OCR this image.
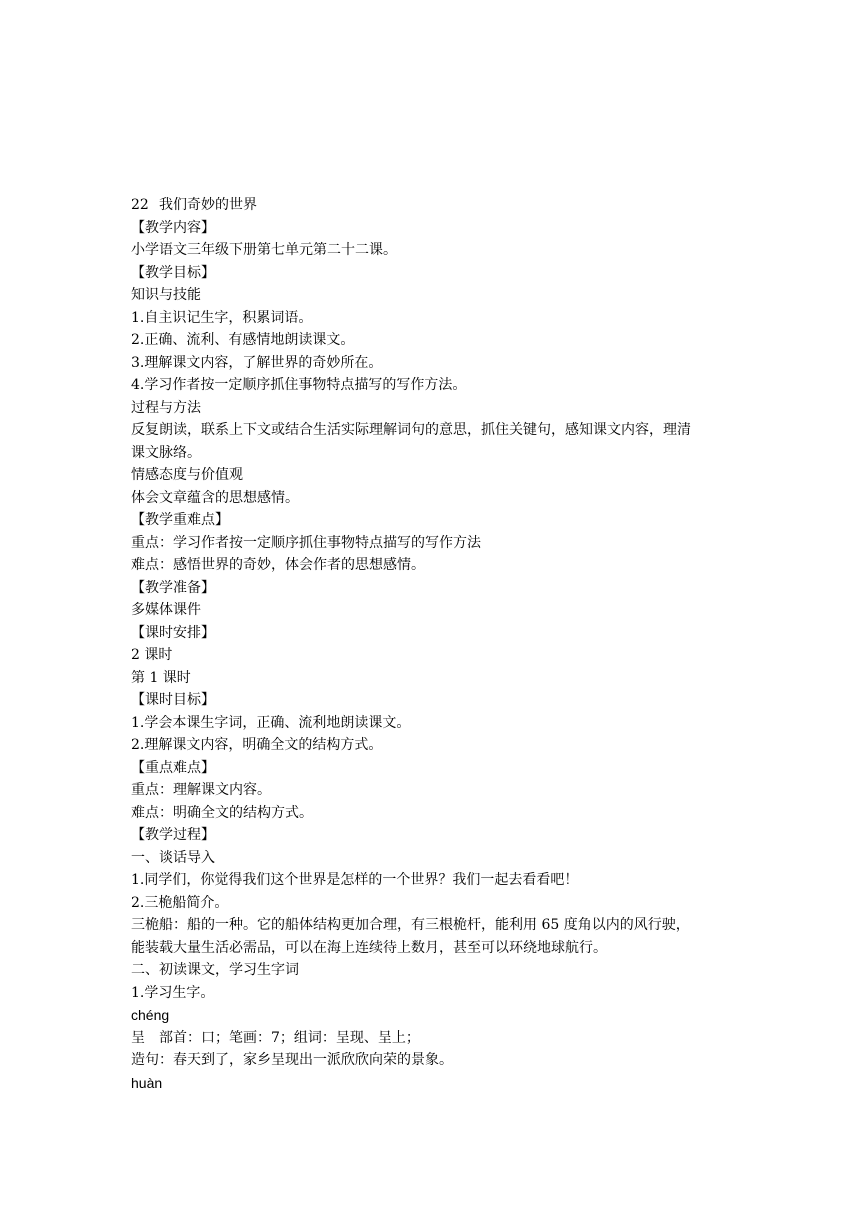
22 我们奇妙的世界
【教学内容】
小学语文三年级下册第七单元第二十二课。
【教学目标】
知识与技能
1.自主识记生字，积累词语。
2.正确、流利、有感情地朗读课文。
3.理解课文内容，了解世界的奇妙所在。
4.学习作者按一定顺序抓住事物特点描写的写作方法。
过程与方法
反复朗读，联系上下文或结合生活实际理解词句的意思，抓住关键句，感知课文内容，理清
课文脉络。
情感态度与价值观
体会文章蕴含的思想感情。
【教学重难点】
重点：学习作者按一定顺序抓住事物特点描写的写作方法
难点：感悟世界的奇妙，体会作者的思想感情。
【教学准备】
多媒体课件
【课时安排】
2 课时
第 1 课时
【课时目标】
1.学会本课生字词，正确、流利地朗读课文。
2.理解课文内容，明确全文的结构方式。
【重点难点】
重点：理解课文内容。
难点：明确全文的结构方式。
【教学过程】
一、谈话导入
1.同学们，你觉得我们这个世界是怎样的一个世界？我们一起去看看吧！
2.三桅船简介。
三桅船：船的一种。它的船体结构更加合理，有三根桅杆，能利用 65 度角以内的风行驶，
能装载大量生活必需品，可以在海上连续待上数月，甚至可以环绕地球航行。
二、初读课文，学习生字词
1.学习生字。
chénɡ
呈　部首：口；笔画：7；组词：呈现、呈上；
造句：春天到了，家乡呈现出一派欣欣向荣的景象。
huàn
